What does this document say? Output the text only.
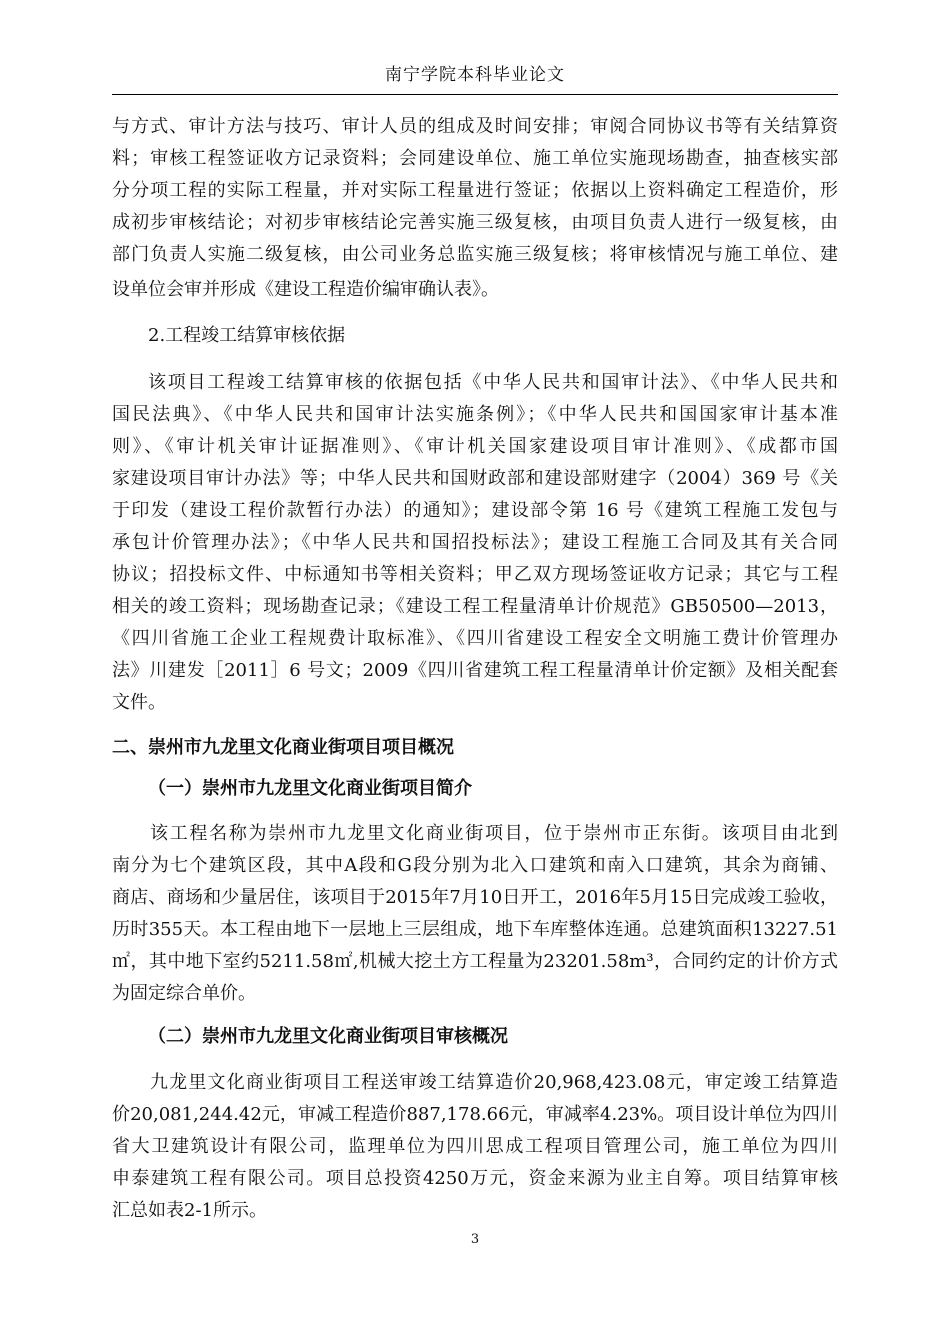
南宁学院本科毕业论文
与方式、审计方法与技巧、审计人员的组成及时间安排；审阅合同协议书等有关结算资
料；审核工程签证收方记录资料；会同建设单位、施工单位实施现场勘查，抽查核实部
分分项工程的实际工程量，并对实际工程量进行签证；依据以上资料确定工程造价，形
成初步审核结论；对初步审核结论完善实施三级复核，由项目负责人进行一级复核，由
部门负责人实施二级复核，由公司业务总监实施三级复核；将审核情况与施工单位、建
设单位会审并形成《建设工程造价编审确认表》。
2.工程竣工结算审核依据
该项目工程竣工结算审核的依据包括《中华人民共和国审计法》、《中华人民共和
国民法典》、《中华人民共和国审计法实施条例》；《中华人民共和国国家审计基本准
则》、《审计机关审计证据准则》、《审计机关国家建设项目审计准则》、《成都市国
家建设项目审计办法》等；中华人民共和国财政部和建设部财建字（2004）369 号《关
于印发（建设工程价款暂行办法）的通知》；建设部令第 16 号《建筑工程施工发包与
承包计价管理办法》；《中华人民共和国招投标法》；建设工程施工合同及其有关合同
协议；招投标文件、中标通知书等相关资料；甲乙双方现场签证收方记录；其它与工程
相关的竣工资料；现场勘查记录；《建设工程工程量清单计价规范》GB50500—2013，
《四川省施工企业工程规费计取标准》、《四川省建设工程安全文明施工费计价管理办
法》川建发［2011］6 号文；2009《四川省建筑工程工程量清单计价定额》及相关配套
文件。
二、崇州市九龙里文化商业街项目项目概况
（一）崇州市九龙里文化商业街项目简介
该工程名称为崇州市九龙里文化商业街项目，位于崇州市正东街。该项目由北到
南分为七个建筑区段，其中A段和G段分别为北入口建筑和南入口建筑，其余为商铺、
商店、商场和少量居住，该项目于2015年7月10日开工，2016年5月15日完成竣工验收，
历时355天。本工程由地下一层地上三层组成，地下车库整体连通。总建筑面积13227.51
㎡，其中地下室约5211.58㎡,机械大挖土方工程量为23201.58m³，合同约定的计价方式
为固定综合单价。
（二）崇州市九龙里文化商业街项目审核概况
九龙里文化商业街项目工程送审竣工结算造价20,968,423.08元，审定竣工结算造
价20,081,244.42元，审减工程造价887,178.66元，审减率4.23%。项目设计单位为四川
省大卫建筑设计有限公司，监理单位为四川思成工程项目管理公司，施工单位为四川
申泰建筑工程有限公司。项目总投资4250万元，资金来源为业主自筹。项目结算审核
汇总如表2-1所示。
3
